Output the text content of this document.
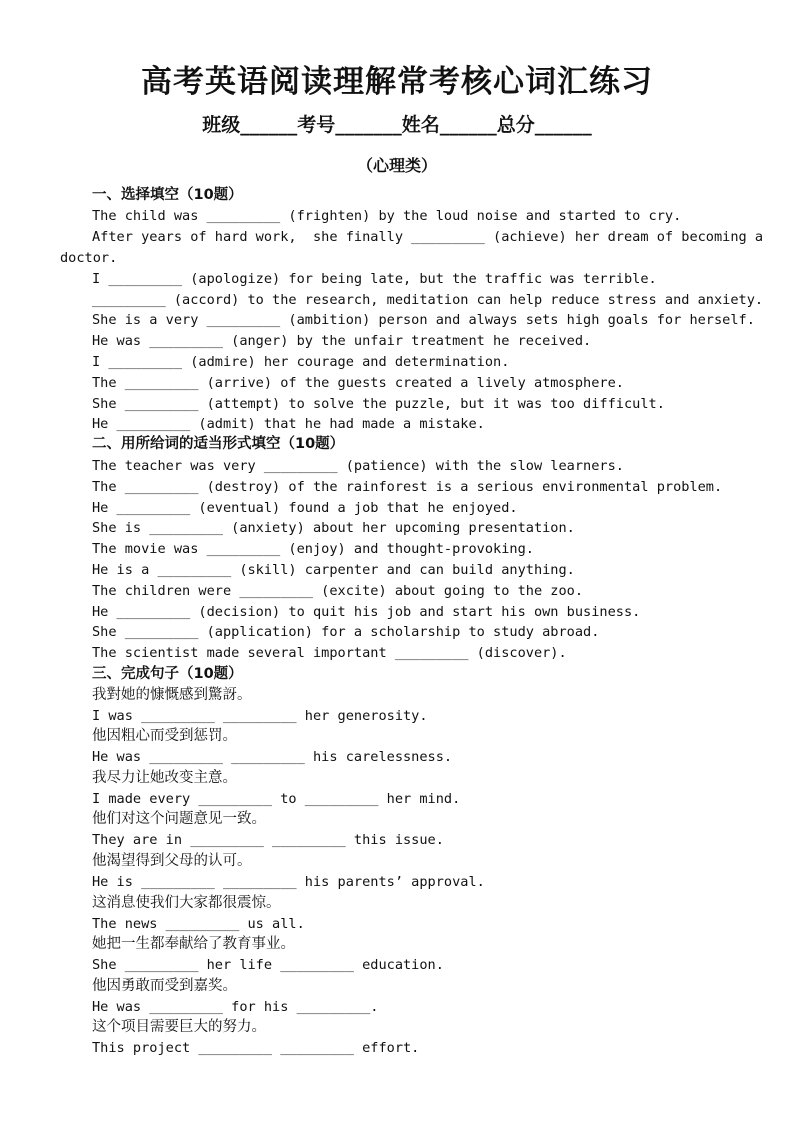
高考英语阅读理解常考核心词汇练习
班级______考号_______姓名______总分______
（心理类）
一、选择填空（10题）
The child was _________ (frighten) by the loud noise and started to cry.
After years of hard work,  she finally _________ (achieve) her dream of becoming a
doctor.
I _________ (apologize) for being late, but the traffic was terrible.
_________ (accord) to the research, meditation can help reduce stress and anxiety.
She is a very _________ (ambition) person and always sets high goals for herself.
He was _________ (anger) by the unfair treatment he received.
I _________ (admire) her courage and determination.
The _________ (arrive) of the guests created a lively atmosphere.
She _________ (attempt) to solve the puzzle, but it was too difficult.
He _________ (admit) that he had made a mistake.
二、用所给词的适当形式填空（10题）
The teacher was very _________ (patience) with the slow learners.
The _________ (destroy) of the rainforest is a serious environmental problem.
He _________ (eventual) found a job that he enjoyed.
She is _________ (anxiety) about her upcoming presentation.
The movie was _________ (enjoy) and thought-provoking.
He is a _________ (skill) carpenter and can build anything.
The children were _________ (excite) about going to the zoo.
He _________ (decision) to quit his job and start his own business.
She _________ (application) for a scholarship to study abroad.
The scientist made several important _________ (discover).
三、完成句子（10题）
我對她的慷慨感到驚訝。
I was _________ _________ her generosity.
他因粗心而受到惩罚。
He was _________ _________ his carelessness.
我尽力让她改变主意。
I made every _________ to _________ her mind.
他们对这个问题意见一致。
They are in _________ _________ this issue.
他渴望得到父母的认可。
He is _________ _________ his parents’ approval.
这消息使我们大家都很震惊。
The news _________ us all.
她把一生都奉献给了教育事业。
She _________ her life _________ education.
他因勇敢而受到嘉奖。
He was _________ for his _________.
这个项目需要巨大的努力。
This project _________ _________ effort.
